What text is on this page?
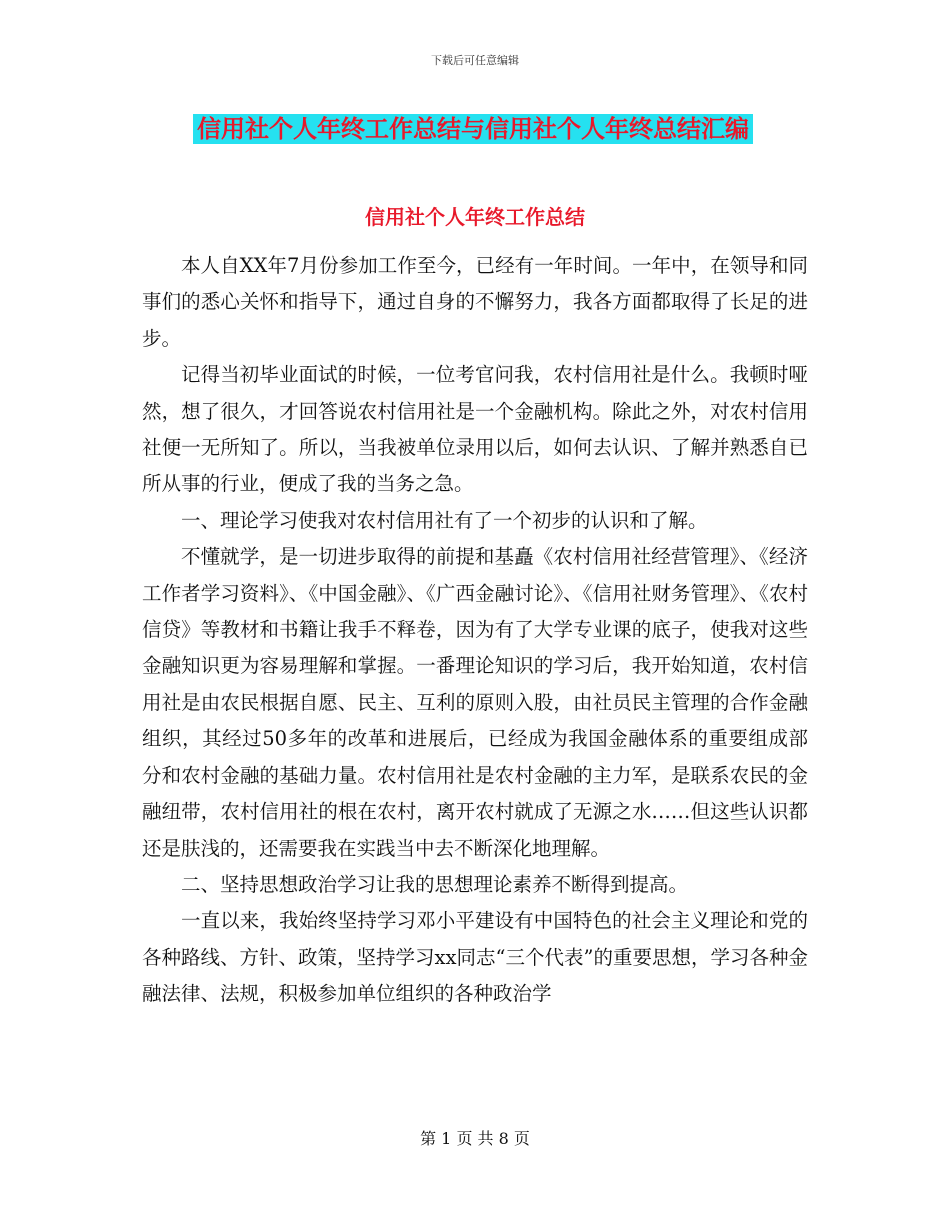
下载后可任意编辑
信用社个人年终工作总结与信用社个人年终总结汇编
信用社个人年终工作总结

本人自XX年7月份参加工作至今，已经有一年时间。一年中，在领导和同事们的悉心关怀和指导下，通过自身的不懈努力，我各方面都取得了长足的进步。

记得当初毕业面试的时候，一位考官问我，农村信用社是什么。我顿时哑然，想了很久，才回答说农村信用社是一个金融机构。除此之外，对农村信用社便一无所知了。所以，当我被单位录用以后，如何去认识、了解并熟悉自已所从事的行业，便成了我的当务之急。

一、理论学习使我对农村信用社有了一个初步的认识和了解。

不懂就学，是一切进步取得的前提和基矗《农村信用社经营管理》、《经济工作者学习资料》、《中国金融》、《广西金融讨论》、《信用社财务管理》、《农村信贷》等教材和书籍让我手不释卷，因为有了大学专业课的底子，使我对这些金融知识更为容易理解和掌握。一番理论知识的学习后，我开始知道，农村信用社是由农民根据自愿、民主、互利的原则入股，由社员民主管理的合作金融组织，其经过50多年的改革和进展后，已经成为我国金融体系的重要组成部分和农村金融的基础力量。农村信用社是农村金融的主力军，是联系农民的金融纽带，农村信用社的根在农村，离开农村就成了无源之水……但这些认识都还是肤浅的，还需要我在实践当中去不断深化地理解。

二、坚持思想政治学习让我的思想理论素养不断得到提高。

一直以来，我始终坚持学习邓小平建设有中国特色的社会主义理论和党的各种路线、方针、政策，坚持学习xx同志“三个代表”的重要思想，学习各种金融法律、法规，积极参加单位组织的各种政治学

第 1 页 共 8 页
